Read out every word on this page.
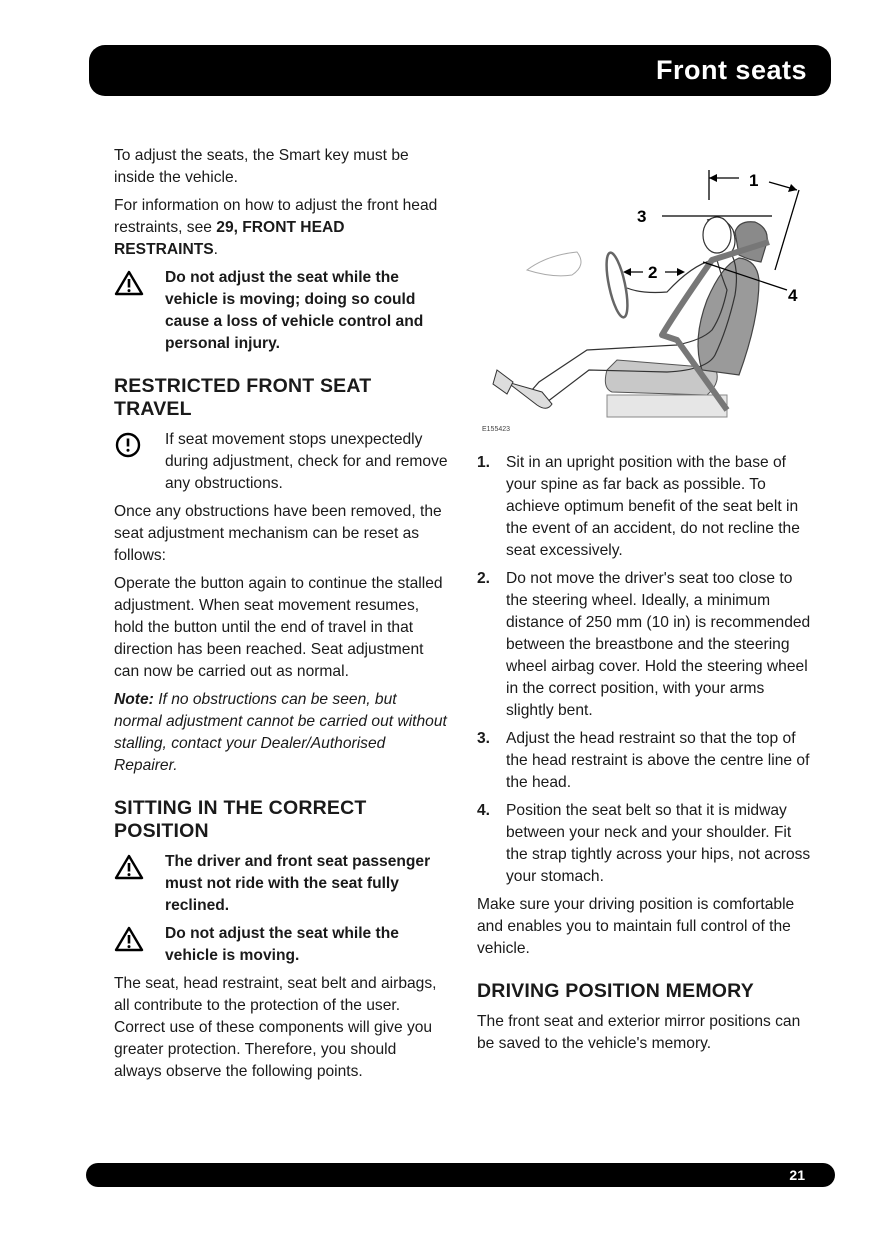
Front seats

To adjust the seats, the Smart key must be inside the vehicle.

For information on how to adjust the front head restraints, see 29, FRONT HEAD RESTRAINTS.

Do not adjust the seat while the vehicle is moving; doing so could cause a loss of vehicle control and personal injury.

RESTRICTED FRONT SEAT TRAVEL

If seat movement stops unexpectedly during adjustment, check for and remove any obstructions.

Once any obstructions have been removed, the seat adjustment mechanism can be reset as follows:

Operate the button again to continue the stalled adjustment. When seat movement resumes, hold the button until the end of travel in that direction has been reached. Seat adjustment can now be carried out as normal.

Note: If no obstructions can be seen, but normal adjustment cannot be carried out without stalling, contact your Dealer/Authorised Repairer.

SITTING IN THE CORRECT POSITION

The driver and front seat passenger must not ride with the seat fully reclined.

Do not adjust the seat while the vehicle is moving.

The seat, head restraint, seat belt and airbags, all contribute to the protection of the user. Correct use of these components will give you greater protection. Therefore, you should always observe the following points.

1
2
3
4
E155423
1. Sit in an upright position with the base of your spine as far back as possible. To achieve optimum benefit of the seat belt in the event of an accident, do not recline the seat excessively.
2. Do not move the driver's seat too close to the steering wheel. Ideally, a minimum distance of 250 mm (10 in) is recommended between the breastbone and the steering wheel airbag cover. Hold the steering wheel in the correct position, with your arms slightly bent.
3. Adjust the head restraint so that the top of the head restraint is above the centre line of the head.
4. Position the seat belt so that it is midway between your neck and your shoulder. Fit the strap tightly across your hips, not across your stomach.

Make sure your driving position is comfortable and enables you to maintain full control of the vehicle.

DRIVING POSITION MEMORY

The front seat and exterior mirror positions can be saved to the vehicle's memory.

21
